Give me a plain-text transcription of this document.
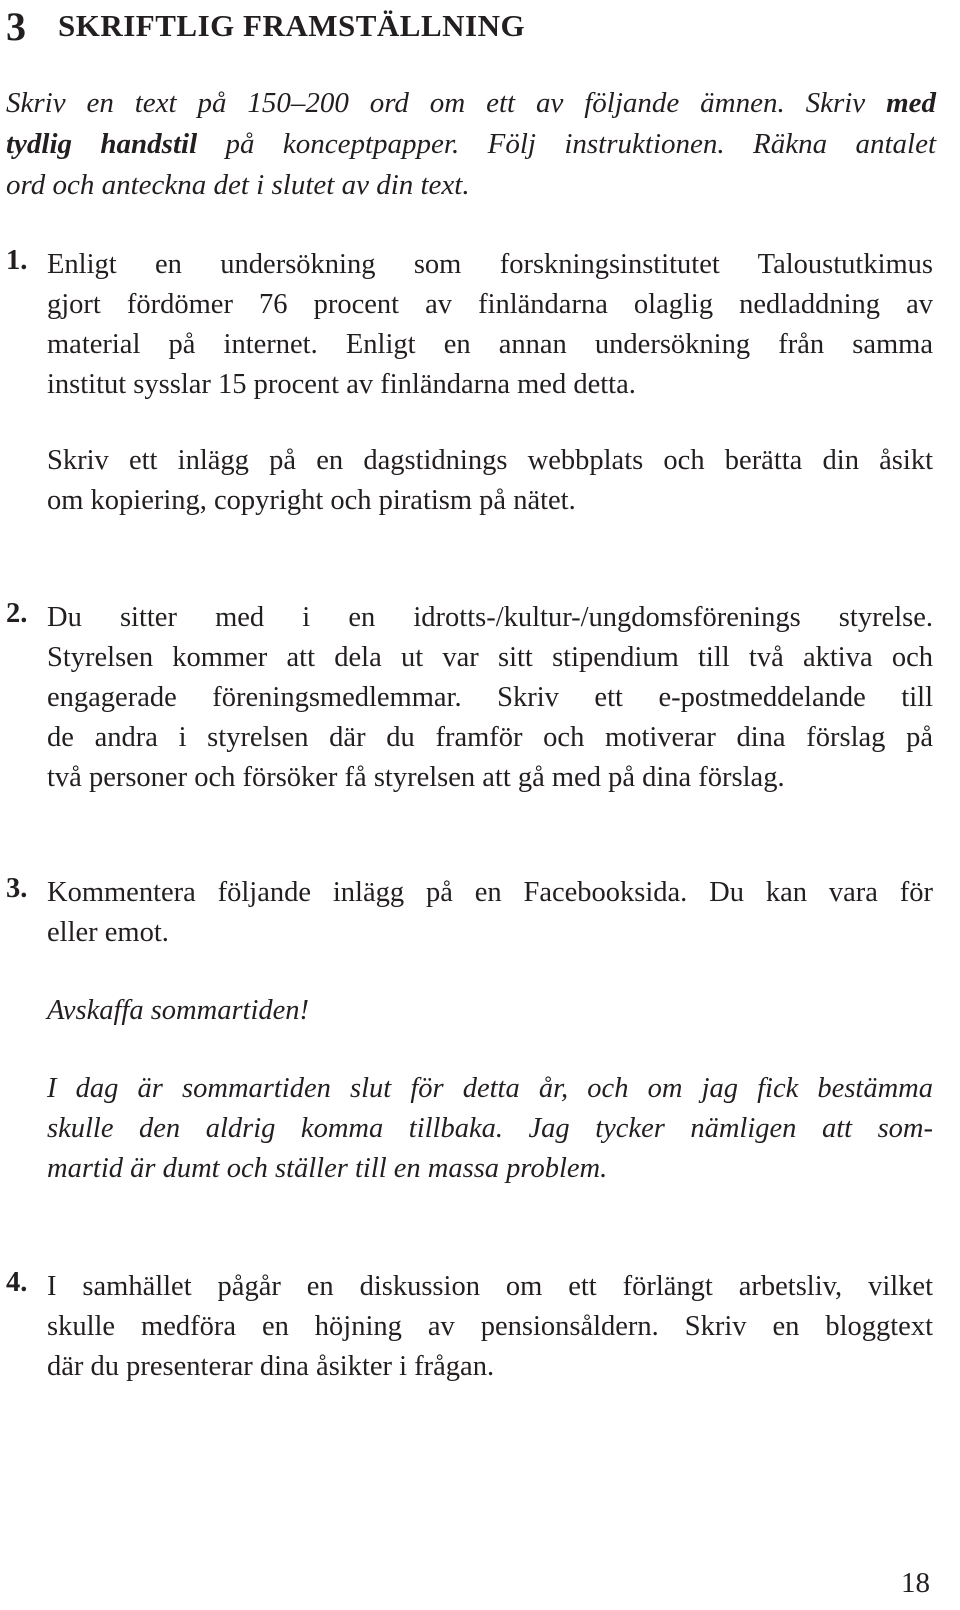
3	SKRIFTLIG FRAMSTÄLLNING
Skriv en text på 150–200 ord om ett av följande ämnen. Skriv med
tydlig handstil på konceptpapper. Följ instruktionen. Räkna antalet
ord och anteckna det i slutet av din text.
1. Enligt en undersökning som forskningsinstitutet Taloustutkimus
gjort fördömer 76 procent av finländarna olaglig nedladdning av
material på internet. Enligt en annan undersökning från samma
institut sysslar 15 procent av finländarna med detta.
Skriv ett inlägg på en dagstidnings webbplats och berätta din åsikt
om kopiering, copyright och piratism på nätet.
2. Du sitter med i en idrotts-/kultur-/ungdomsförenings styrelse.
Styrelsen kommer att dela ut var sitt stipendium till två aktiva och
engagerade föreningsmedlemmar. Skriv ett e-postmeddelande till
de andra i styrelsen där du framför och motiverar dina förslag på
två personer och försöker få styrelsen att gå med på dina förslag.
3. Kommentera följande inlägg på en Facebooksida. Du kan vara för
eller emot.
Avskaffa sommartiden!
I dag är sommartiden slut för detta år, och om jag fick bestämma
skulle den aldrig komma tillbaka. Jag tycker nämligen att som-
martid är dumt och ställer till en massa problem.
4. I samhället pågår en diskussion om ett förlängt arbetsliv, vilket
skulle medföra en höjning av pensionsåldern. Skriv en bloggtext
där du presenterar dina åsikter i frågan.
18
